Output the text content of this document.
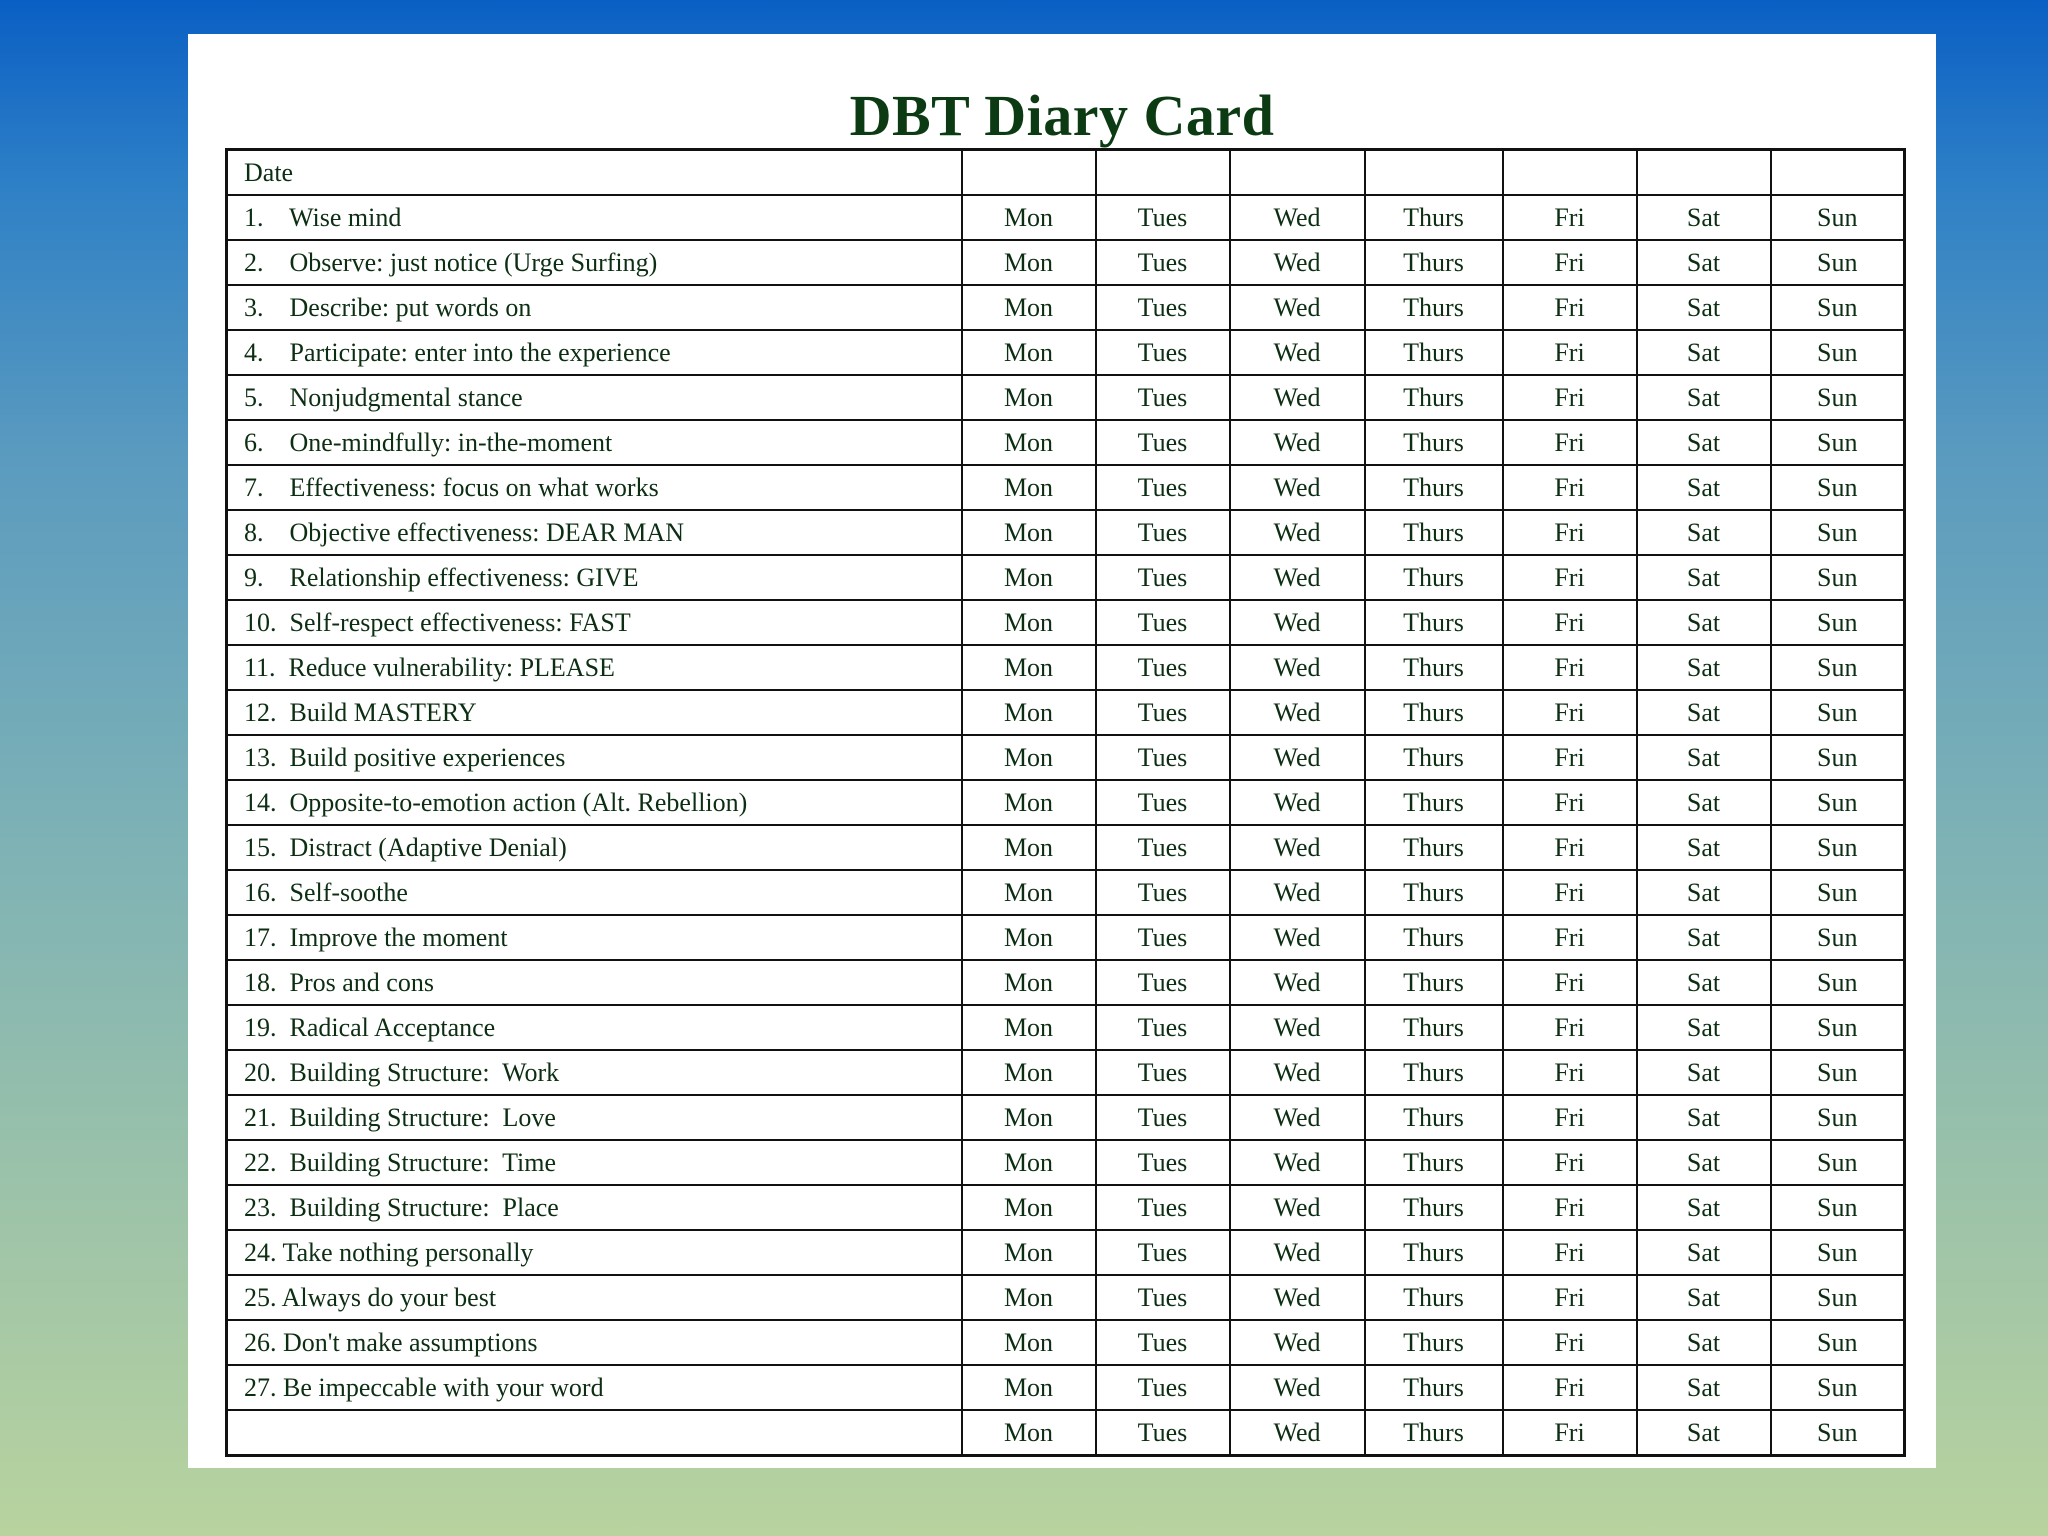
DBT Diary Card
Date							
1.    Wise mind	Mon	Tues	Wed	Thurs	Fri	Sat	Sun
2.    Observe: just notice (Urge Surfing)	Mon	Tues	Wed	Thurs	Fri	Sat	Sun
3.    Describe: put words on	Mon	Tues	Wed	Thurs	Fri	Sat	Sun
4.    Participate: enter into the experience	Mon	Tues	Wed	Thurs	Fri	Sat	Sun
5.    Nonjudgmental stance	Mon	Tues	Wed	Thurs	Fri	Sat	Sun
6.    One-mindfully: in-the-moment	Mon	Tues	Wed	Thurs	Fri	Sat	Sun
7.    Effectiveness: focus on what works	Mon	Tues	Wed	Thurs	Fri	Sat	Sun
8.    Objective effectiveness: DEAR MAN	Mon	Tues	Wed	Thurs	Fri	Sat	Sun
9.    Relationship effectiveness: GIVE	Mon	Tues	Wed	Thurs	Fri	Sat	Sun
10.  Self-respect effectiveness: FAST	Mon	Tues	Wed	Thurs	Fri	Sat	Sun
11.  Reduce vulnerability: PLEASE	Mon	Tues	Wed	Thurs	Fri	Sat	Sun
12.  Build MASTERY	Mon	Tues	Wed	Thurs	Fri	Sat	Sun
13.  Build positive experiences	Mon	Tues	Wed	Thurs	Fri	Sat	Sun
14.  Opposite-to-emotion action (Alt. Rebellion)	Mon	Tues	Wed	Thurs	Fri	Sat	Sun
15.  Distract (Adaptive Denial)	Mon	Tues	Wed	Thurs	Fri	Sat	Sun
16.  Self-soothe	Mon	Tues	Wed	Thurs	Fri	Sat	Sun
17.  Improve the moment	Mon	Tues	Wed	Thurs	Fri	Sat	Sun
18.  Pros and cons	Mon	Tues	Wed	Thurs	Fri	Sat	Sun
19.  Radical Acceptance	Mon	Tues	Wed	Thurs	Fri	Sat	Sun
20.  Building Structure:  Work	Mon	Tues	Wed	Thurs	Fri	Sat	Sun
21.  Building Structure:  Love	Mon	Tues	Wed	Thurs	Fri	Sat	Sun
22.  Building Structure:  Time	Mon	Tues	Wed	Thurs	Fri	Sat	Sun
23.  Building Structure:  Place	Mon	Tues	Wed	Thurs	Fri	Sat	Sun
24. Take nothing personally	Mon	Tues	Wed	Thurs	Fri	Sat	Sun
25. Always do your best	Mon	Tues	Wed	Thurs	Fri	Sat	Sun
26. Don't make assumptions	Mon	Tues	Wed	Thurs	Fri	Sat	Sun
27. Be impeccable with your word	Mon	Tues	Wed	Thurs	Fri	Sat	Sun
	Mon	Tues	Wed	Thurs	Fri	Sat	Sun
